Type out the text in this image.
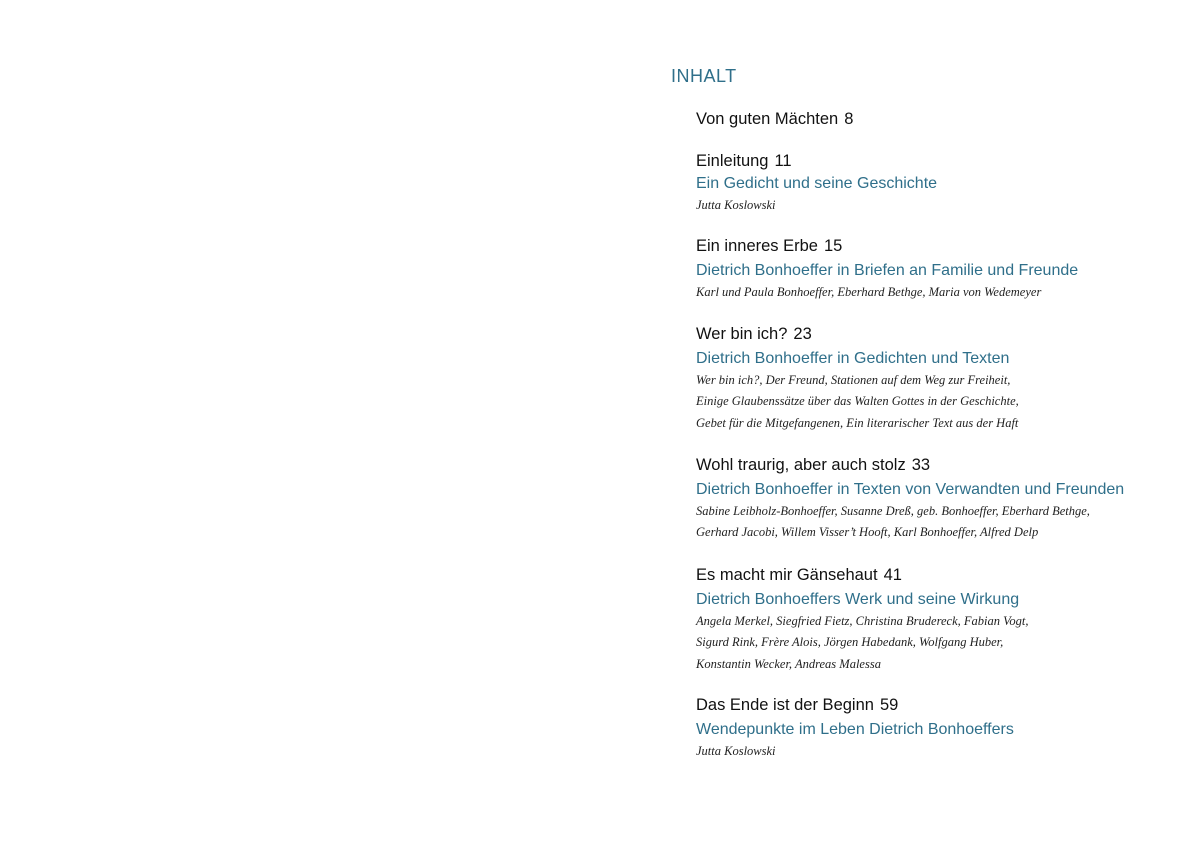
INHALT
Von guten Mächten 8
Einleitung 11
Ein Gedicht und seine Geschichte
Jutta Koslowski
Ein inneres Erbe 15
Dietrich Bonhoeffer in Briefen an Familie und Freunde
Karl und Paula Bonhoeffer, Eberhard Bethge, Maria von Wedemeyer
Wer bin ich? 23
Dietrich Bonhoeffer in Gedichten und Texten
Wer bin ich?, Der Freund, Stationen auf dem Weg zur Freiheit,
Einige Glaubenssätze über das Walten Gottes in der Geschichte,
Gebet für die Mitgefangenen, Ein literarischer Text aus der Haft
Wohl traurig, aber auch stolz 33
Dietrich Bonhoeffer in Texten von Verwandten und Freunden
Sabine Leibholz-Bonhoeffer, Susanne Dreß, geb. Bonhoeffer, Eberhard Bethge,
Gerhard Jacobi, Willem Visser’t Hooft, Karl Bonhoeffer, Alfred Delp
Es macht mir Gänsehaut 41
Dietrich Bonhoeffers Werk und seine Wirkung
Angela Merkel, Siegfried Fietz, Christina Brudereck, Fabian Vogt,
Sigurd Rink, Frère Alois, Jörgen Habedank, Wolfgang Huber,
Konstantin Wecker, Andreas Malessa
Das Ende ist der Beginn 59
Wendepunkte im Leben Dietrich Bonhoeffers
Jutta Koslowski
